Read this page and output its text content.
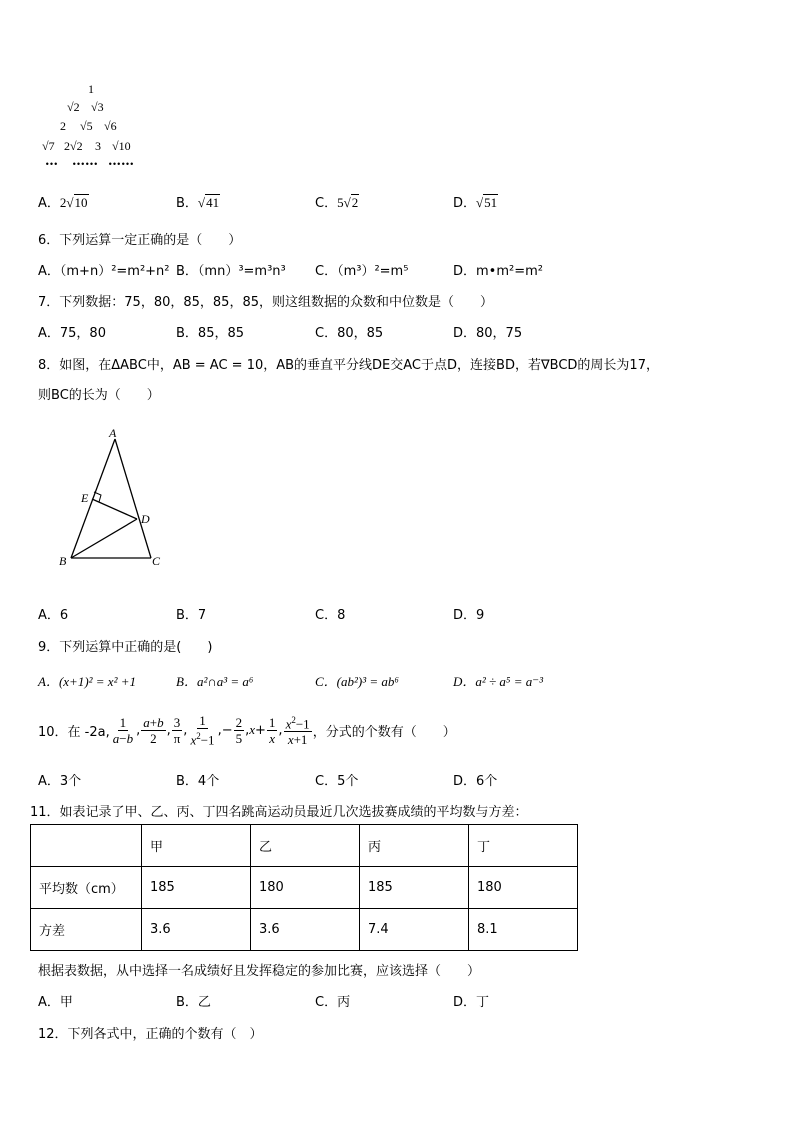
1
√2 √3
2 √5 √6
√7 2√2 3 √10
… …… ……
A．2√10	B．√41	C．5√2	D．√51
6．下列运算一定正确的是（　　）
A．（m+n）²=m²+n² B．（mn）³=m³n³ C．（m³）²=m⁵	D．m•m²=m²
7．下列数据：75，80，85，85，85，则这组数据的众数和中位数是（　　）
A．75，80	B．85，85	C．80，85	D．80，75
8．如图，在ΔABC中，AB = AC = 10，AB的垂直平分线DE交AC于点D，连接BD，若∇BCD的周长为17，
则BC的长为（　　）
A
E
D
B	C
A．6	B．7	C．8	D．9
9．下列运算中正确的是(　　)
A．(x+1)² = x² +1	B．a²∩a³ = a⁶	C．(ab²)³ = ab⁶	D．a² ÷ a⁵ = a⁻³
10．在 -2a, $\frac{1}{a-b}$ , $\frac{a+b}{2}$ , $\frac{3}{\pi}$ , $\frac{1}{x^2-1}$ ,− $\frac{2}{5}$ , $x + \frac{1}{x}$ , $\frac{x^2-1}{x+1}$ ，分式的个数有（　　）
A．3个	B．4个	C．5个	D．6个
11．如表记录了甲、乙、丙、丁四名跳高运动员最近几次选拔赛成绩的平均数与方差：
	甲	乙	丙	丁
平均数（cm）	185	180	185	180
方差	3.6	3.6	7.4	8.1
根据表数据，从中选择一名成绩好且发挥稳定的参加比赛，应该选择（　　）
A．甲	B．乙	C．丙	D．丁
12．下列各式中，正确的个数有（　）
